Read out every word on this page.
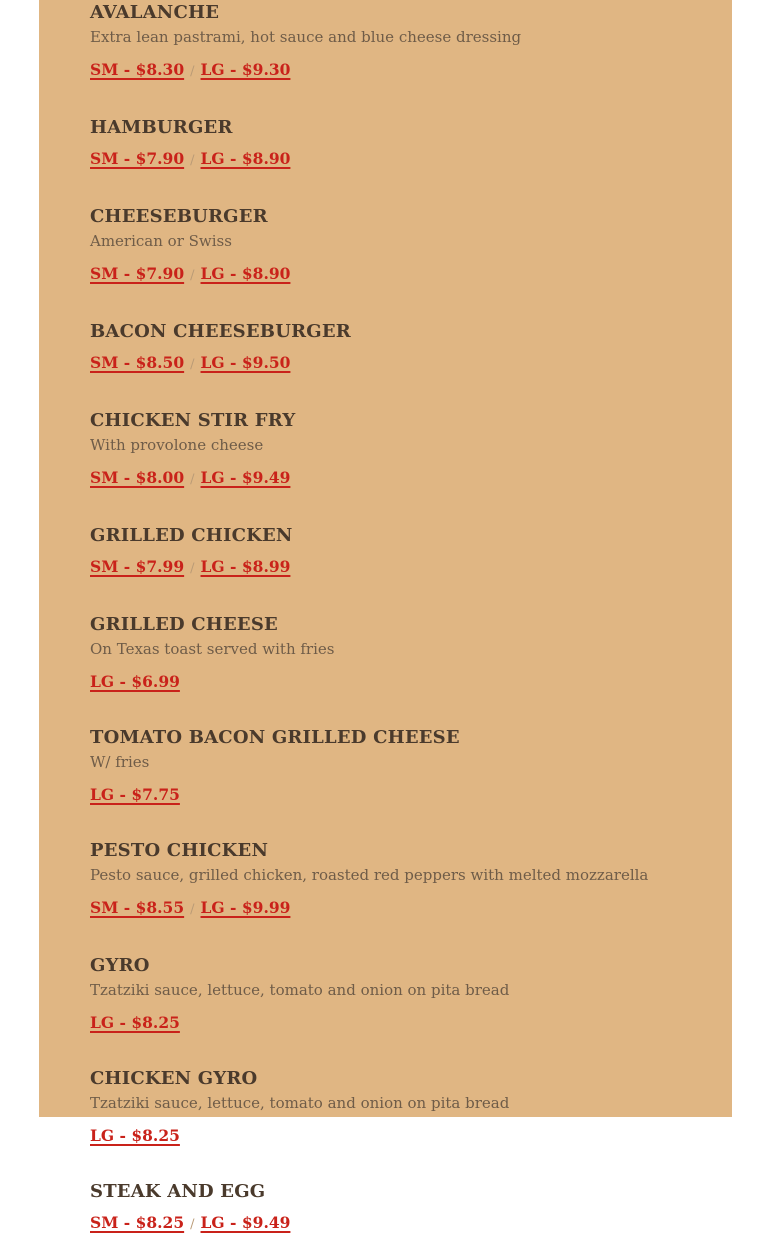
AVALANCHE
Extra lean pastrami, hot sauce and blue cheese dressing
SM - $8.30 / LG - $9.30
HAMBURGER
SM - $7.90 / LG - $8.90
CHEESEBURGER
American or Swiss
SM - $7.90 / LG - $8.90
BACON CHEESEBURGER
SM - $8.50 / LG - $9.50
CHICKEN STIR FRY
With provolone cheese
SM - $8.00 / LG - $9.49
GRILLED CHICKEN
SM - $7.99 / LG - $8.99
GRILLED CHEESE
On Texas toast served with fries
LG - $6.99
TOMATO BACON GRILLED CHEESE
W/ fries
LG - $7.75
PESTO CHICKEN
Pesto sauce, grilled chicken, roasted red peppers with melted mozzarella
SM - $8.55 / LG - $9.99
GYRO
Tzatziki sauce, lettuce, tomato and onion on pita bread
LG - $8.25
CHICKEN GYRO
Tzatziki sauce, lettuce, tomato and onion on pita bread
LG - $8.25
STEAK AND EGG
SM - $8.25 / LG - $9.49
